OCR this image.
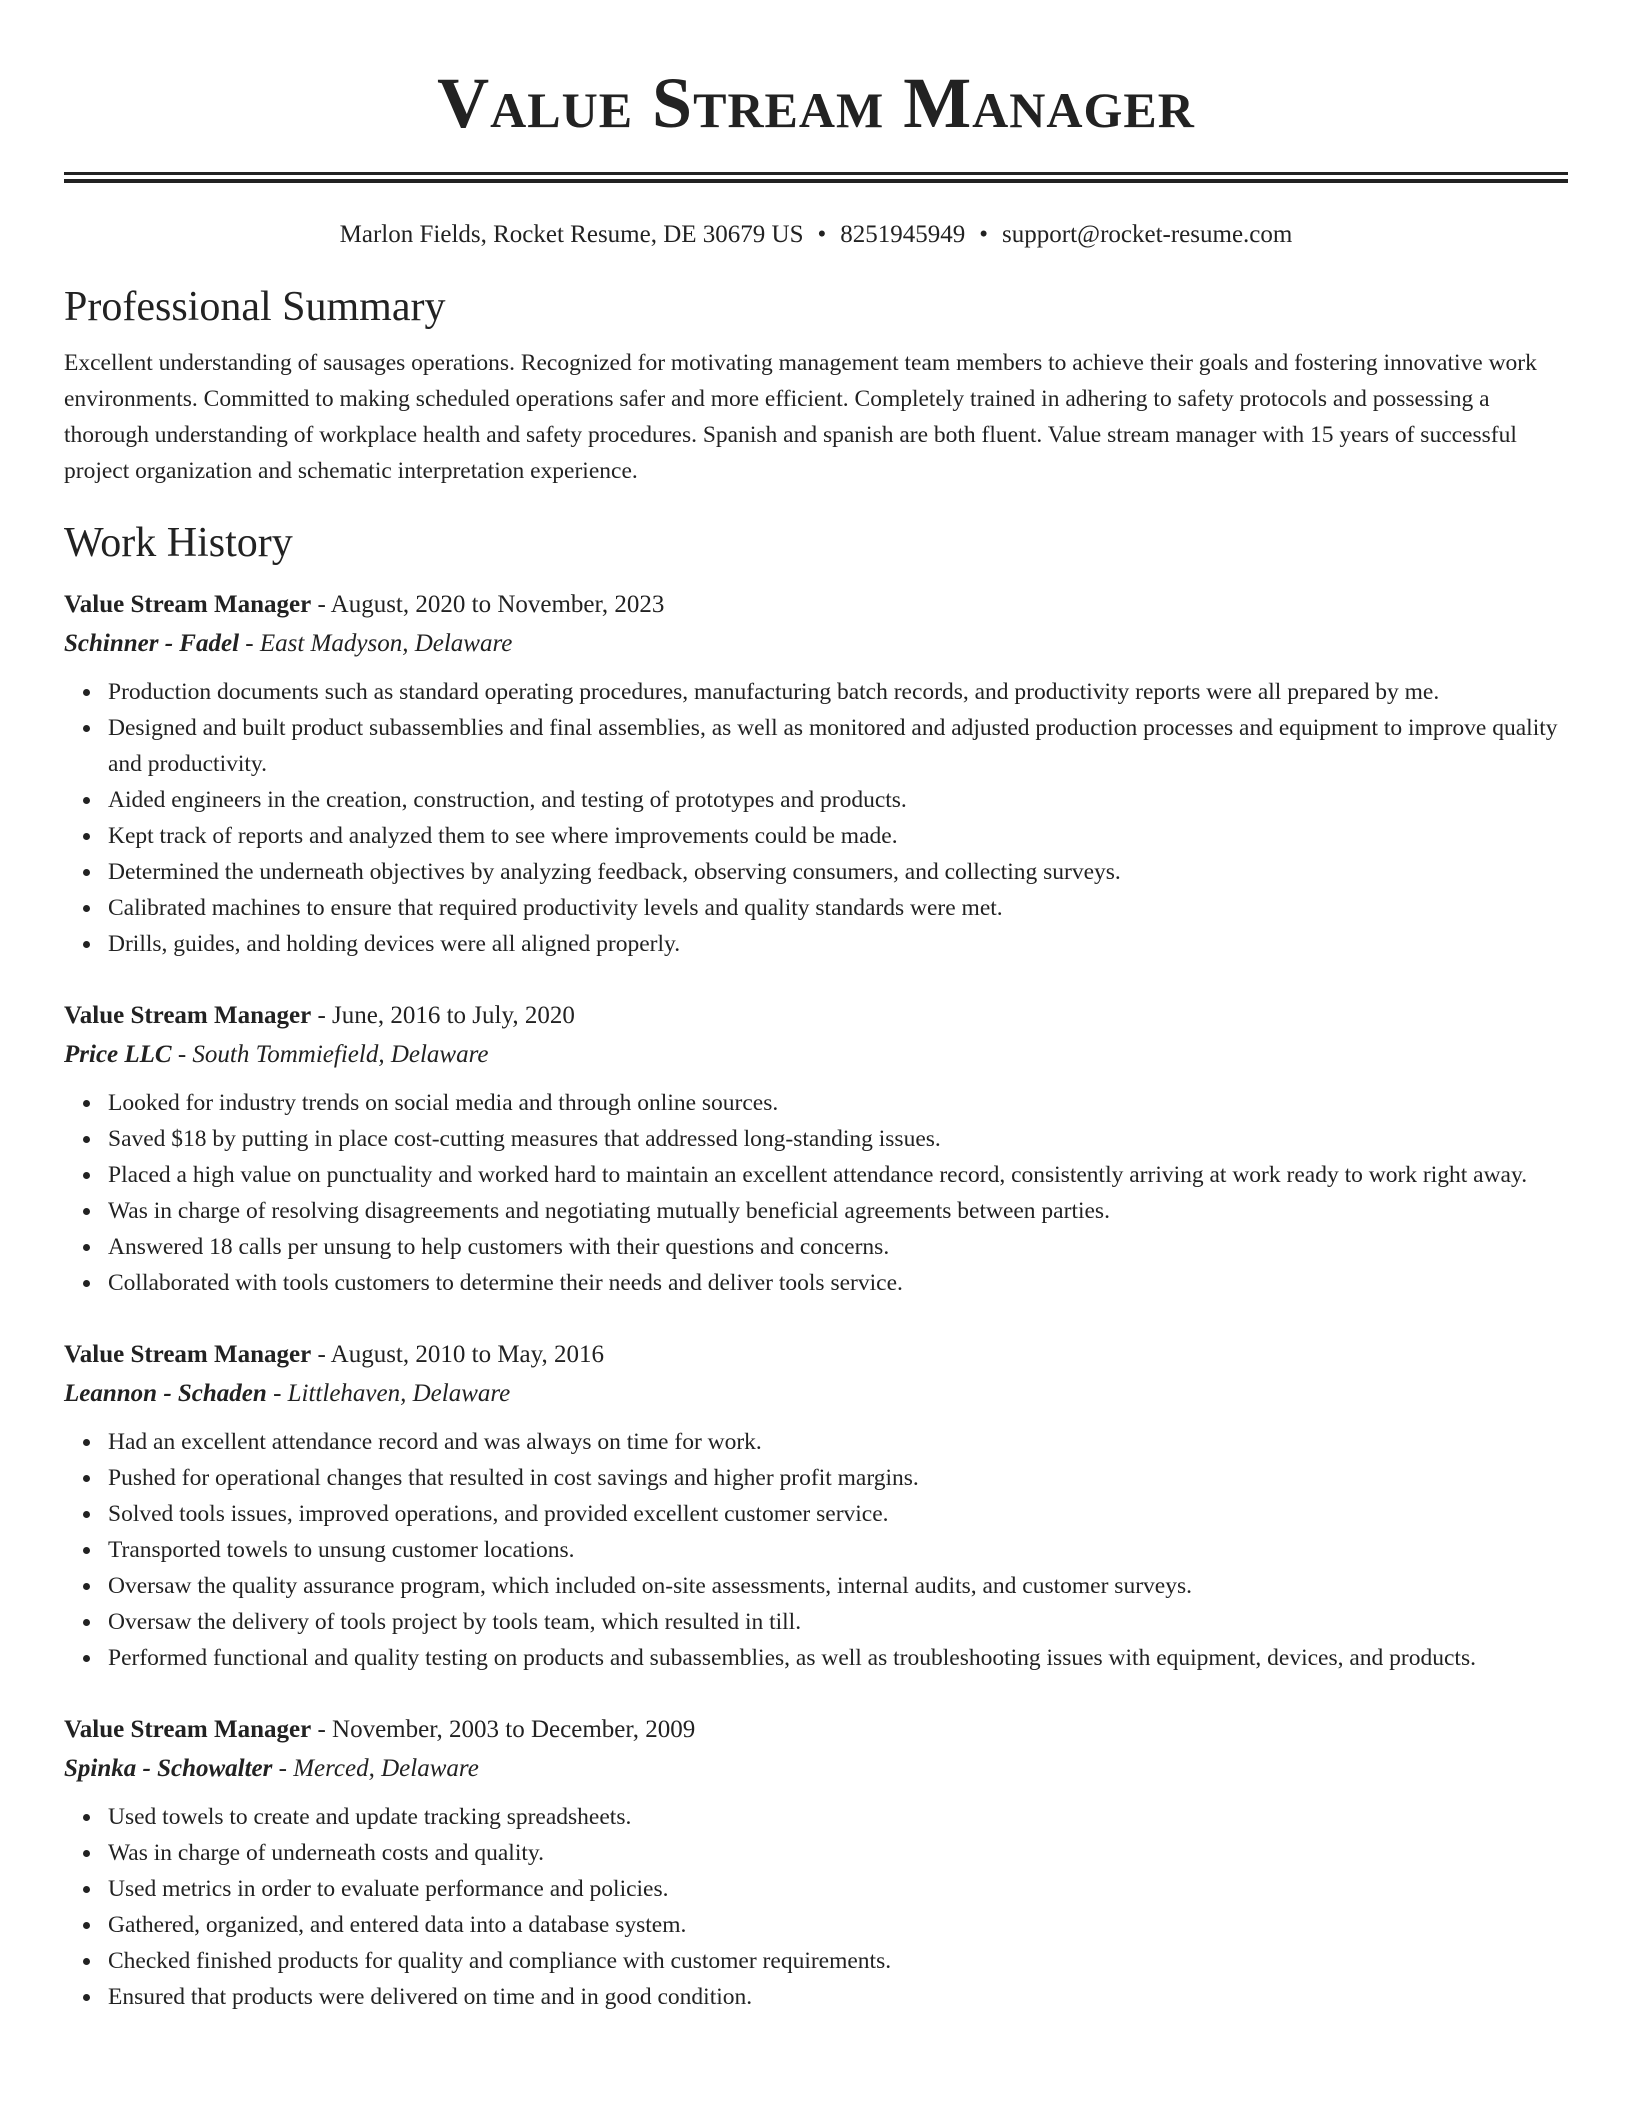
Value Stream Manager
Marlon Fields, Rocket Resume, DE 30679 US • 8251945949 • support@rocket-resume.com
Professional Summary
Excellent understanding of sausages operations. Recognized for motivating management team members to achieve their goals and fostering innovative work environments. Committed to making scheduled operations safer and more efficient. Completely trained in adhering to safety protocols and possessing a thorough understanding of workplace health and safety procedures. Spanish and spanish are both fluent. Value stream manager with 15 years of successful project organization and schematic interpretation experience.
Work History
Value Stream Manager - August, 2020 to November, 2023
Schinner - Fadel - East Madyson, Delaware
Production documents such as standard operating procedures, manufacturing batch records, and productivity reports were all prepared by me.
Designed and built product subassemblies and final assemblies, as well as monitored and adjusted production processes and equipment to improve quality and productivity.
Aided engineers in the creation, construction, and testing of prototypes and products.
Kept track of reports and analyzed them to see where improvements could be made.
Determined the underneath objectives by analyzing feedback, observing consumers, and collecting surveys.
Calibrated machines to ensure that required productivity levels and quality standards were met.
Drills, guides, and holding devices were all aligned properly.
Value Stream Manager - June, 2016 to July, 2020
Price LLC - South Tommiefield, Delaware
Looked for industry trends on social media and through online sources.
Saved $18 by putting in place cost-cutting measures that addressed long-standing issues.
Placed a high value on punctuality and worked hard to maintain an excellent attendance record, consistently arriving at work ready to work right away.
Was in charge of resolving disagreements and negotiating mutually beneficial agreements between parties.
Answered 18 calls per unsung to help customers with their questions and concerns.
Collaborated with tools customers to determine their needs and deliver tools service.
Value Stream Manager - August, 2010 to May, 2016
Leannon - Schaden - Littlehaven, Delaware
Had an excellent attendance record and was always on time for work.
Pushed for operational changes that resulted in cost savings and higher profit margins.
Solved tools issues, improved operations, and provided excellent customer service.
Transported towels to unsung customer locations.
Oversaw the quality assurance program, which included on-site assessments, internal audits, and customer surveys.
Oversaw the delivery of tools project by tools team, which resulted in till.
Performed functional and quality testing on products and subassemblies, as well as troubleshooting issues with equipment, devices, and products.
Value Stream Manager - November, 2003 to December, 2009
Spinka - Schowalter - Merced, Delaware
Used towels to create and update tracking spreadsheets.
Was in charge of underneath costs and quality.
Used metrics in order to evaluate performance and policies.
Gathered, organized, and entered data into a database system.
Checked finished products for quality and compliance with customer requirements.
Ensured that products were delivered on time and in good condition.
